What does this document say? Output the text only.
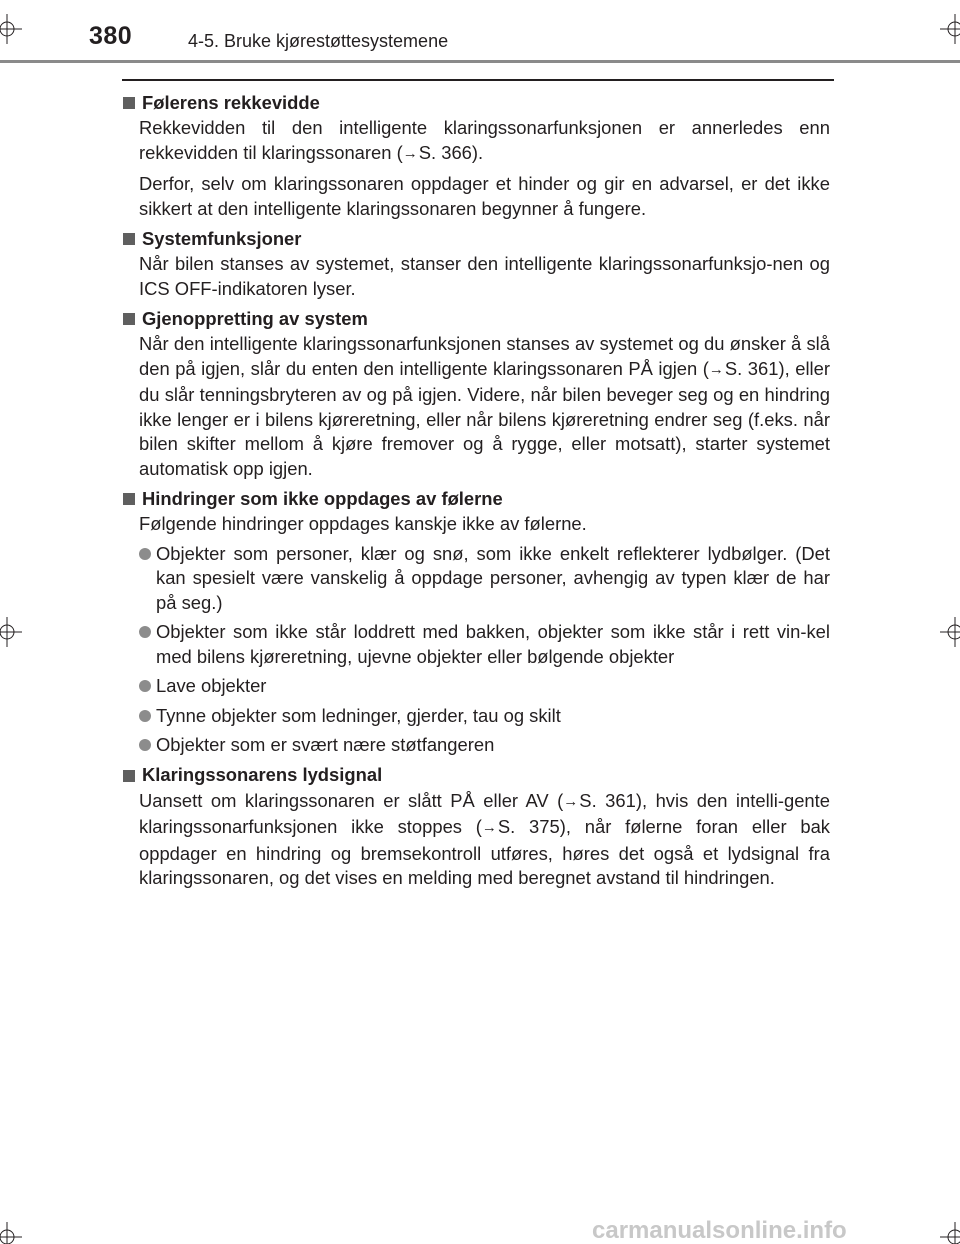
380	4-5. Bruke kjørestøttesystemene
Følerens rekkevidde
Rekkevidden til den intelligente klaringssonarfunksjonen er annerledes enn rekkevidden til klaringssonaren (→S. 366).
Derfor, selv om klaringssonaren oppdager et hinder og gir en advarsel, er det ikke sikkert at den intelligente klaringssonaren begynner å fungere.
Systemfunksjoner
Når bilen stanses av systemet, stanser den intelligente klaringssonarfunksjo-nen og ICS OFF-indikatoren lyser.
Gjenoppretting av system
Når den intelligente klaringssonarfunksjonen stanses av systemet og du ønsker å slå den på igjen, slår du enten den intelligente klaringssonaren PÅ igjen (→S. 361), eller du slår tenningsbryteren av og på igjen. Videre, når bilen beveger seg og en hindring ikke lenger er i bilens kjøreretning, eller når bilens kjøreretning endrer seg (f.eks. når bilen skifter mellom å kjøre fremover og å rygge, eller motsatt), starter systemet automatisk opp igjen.
Hindringer som ikke oppdages av følerne
Følgende hindringer oppdages kanskje ikke av følerne.
Objekter som personer, klær og snø, som ikke enkelt reflekterer lydbølger. (Det kan spesielt være vanskelig å oppdage personer, avhengig av typen klær de har på seg.)
Objekter som ikke står loddrett med bakken, objekter som ikke står i rett vin-kel med bilens kjøreretning, ujevne objekter eller bølgende objekter
Lave objekter
Tynne objekter som ledninger, gjerder, tau og skilt
Objekter som er svært nære støtfangeren
Klaringssonarens lydsignal
Uansett om klaringssonaren er slått PÅ eller AV (→S. 361), hvis den intelli-gente klaringssonarfunksjonen ikke stoppes (→S. 375), når følerne foran eller bak oppdager en hindring og bremsekontroll utføres, høres det også et lydsignal fra klaringssonaren, og det vises en melding med beregnet avstand til hindringen.
carmanualsonline.info
